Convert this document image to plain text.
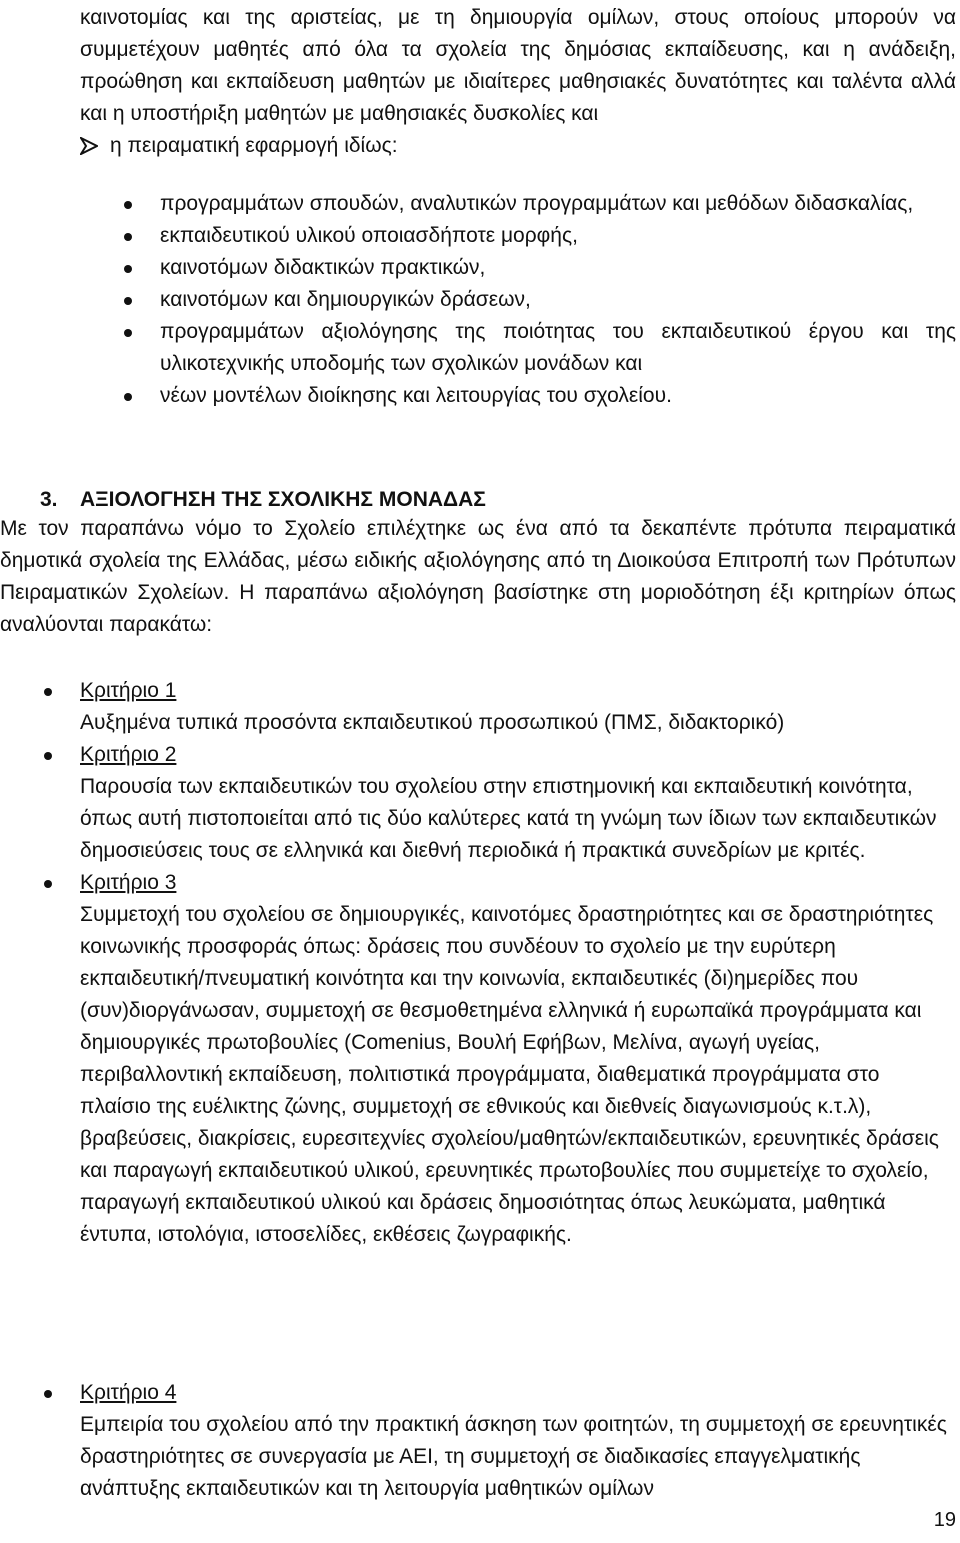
καινοτομίας και της αριστείας, με τη δημιουργία ομίλων, στους οποίους μπορούν να συμμετέχουν μαθητές από όλα τα σχολεία της δημόσιας εκπαίδευσης, και η ανάδειξη, προώθηση και εκπαίδευση μαθητών με ιδιαίτερες μαθησιακές δυνατότητες και ταλέντα αλλά και η υποστήριξη μαθητών με μαθησιακές δυσκολίες και

η πειραματική εφαρμογή ιδίως:
προγραμμάτων σπουδών, αναλυτικών προγραμμάτων και μεθόδων διδασκαλίας,
εκπαιδευτικού υλικού οποιασδήποτε μορφής,
καινοτόμων διδακτικών πρακτικών,
καινοτόμων και δημιουργικών δράσεων,
προγραμμάτων αξιολόγησης της ποιότητας του εκπαιδευτικού έργου και της υλικοτεχνικής υποδομής των σχολικών μονάδων και
νέων μοντέλων διοίκησης και λειτουργίας του σχολείου.
3. ΑΞΙΟΛΟΓΗΣΗ ΤΗΣ ΣΧΟΛΙΚΗΣ ΜΟΝΑΔΑΣ

Με τον παραπάνω νόμο το Σχολείο επιλέχτηκε ως ένα από τα δεκαπέντε πρότυπα πειραματικά δημοτικά σχολεία της Ελλάδας, μέσω ειδικής αξιολόγησης από τη Διοικούσα Επιτροπή των Πρότυπων Πειραματικών Σχολείων. Η παραπάνω αξιολόγηση βασίστηκε στη μοριοδότηση έξι κριτηρίων όπως αναλύονται παρακάτω:

Κριτήριο 1
Αυξημένα τυπικά προσόντα εκπαιδευτικού προσωπικού (ΠΜΣ, διδακτορικό)
Κριτήριο 2
Παρουσία των εκπαιδευτικών του σχολείου στην επιστημονική και εκπαιδευτική κοινότητα, όπως αυτή πιστοποιείται από τις δύο καλύτερες κατά τη γνώμη των ίδιων των εκπαιδευτικών δημοσιεύσεις τους σε ελληνικά και διεθνή περιοδικά ή πρακτικά συνεδρίων με κριτές.
Κριτήριο 3
Συμμετοχή του σχολείου σε δημιουργικές, καινοτόμες δραστηριότητες και σε δραστηριότητες κοινωνικής προσφοράς όπως: δράσεις που συνδέουν το σχολείο με την ευρύτερη εκπαιδευτική/πνευματική κοινότητα και την κοινωνία, εκπαιδευτικές (δι)ημερίδες που (συν)διοργάνωσαν, συμμετοχή σε θεσμοθετημένα ελληνικά ή ευρωπαϊκά προγράμματα και δημιουργικές πρωτοβουλίες (Comenius, Βουλή Εφήβων, Μελίνα, αγωγή υγείας, περιβαλλοντική εκπαίδευση, πολιτιστικά προγράμματα, διαθεματικά προγράμματα στο πλαίσιο της ευέλικτης ζώνης, συμμετοχή σε εθνικούς και διεθνείς διαγωνισμούς κ.τ.λ), βραβεύσεις, διακρίσεις, ευρεσιτεχνίες σχολείου/μαθητών/εκπαιδευτικών, ερευνητικές δράσεις και παραγωγή εκπαιδευτικού υλικού, ερευνητικές πρωτοβουλίες που συμμετείχε το σχολείο, παραγωγή εκπαιδευτικού υλικού και δράσεις δημοσιότητας όπως λευκώματα, μαθητικά έντυπα, ιστολόγια, ιστοσελίδες, εκθέσεις ζωγραφικής.
Κριτήριο 4
Εμπειρία του σχολείου από την πρακτική άσκηση των φοιτητών, τη συμμετοχή σε ερευνητικές δραστηριότητες σε συνεργασία με ΑΕΙ, τη συμμετοχή σε διαδικασίες επαγγελματικής ανάπτυξης εκπαιδευτικών και τη λειτουργία μαθητικών ομίλων
19
